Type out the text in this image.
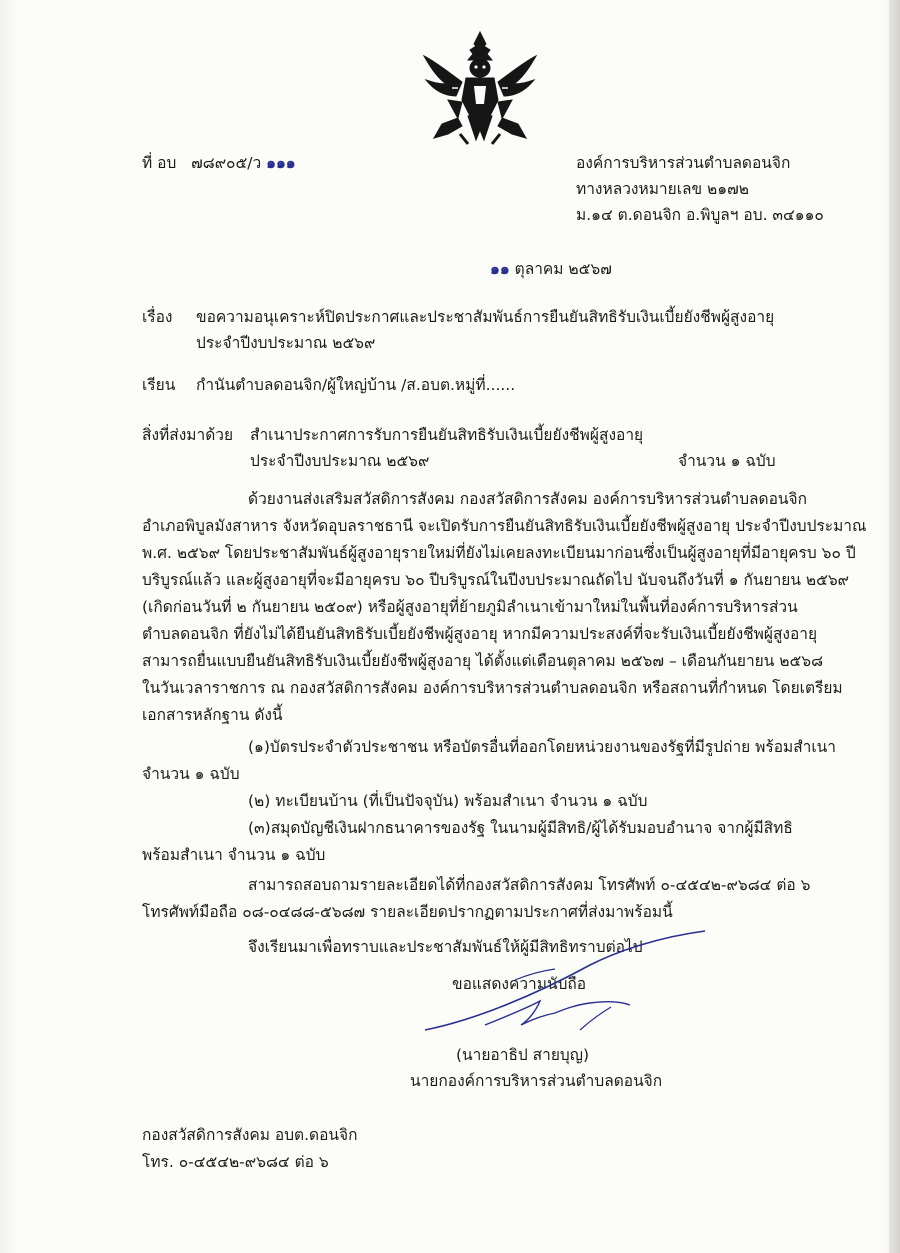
ที่ อบ ๗๘๙๐๕/ว ๑๑๑	องค์การบริหารส่วนตำบลดอนจิก
ทางหลวงหมายเลข ๒๑๗๒
ม.๑๔ ต.ดอนจิก อ.พิบูลฯ อบ. ๓๔๑๑๐
๑๑ ตุลาคม ๒๕๖๗
เรื่อง ขอความอนุเคราะห์ปิดประกาศและประชาสัมพันธ์การยืนยันสิทธิรับเงินเบี้ยยังชีพผู้สูงอายุ
ประจำปีงบประมาณ ๒๕๖๙
เรียน กำนันตำบลดอนจิก/ผู้ใหญ่บ้าน /ส.อบต.หมู่ที่......
สิ่งที่ส่งมาด้วย สำเนาประกาศการรับการยืนยันสิทธิรับเงินเบี้ยยังชีพผู้สูงอายุ
ประจำปีงบประมาณ ๒๕๖๙	จำนวน ๑ ฉบับ
ด้วยงานส่งเสริมสวัสดิการสังคม กองสวัสดิการสังคม องค์การบริหารส่วนตำบลดอนจิก
อำเภอพิบูลมังสาหาร จังหวัดอุบลราชธานี จะเปิดรับการยืนยันสิทธิรับเงินเบี้ยยังชีพผู้สูงอายุ ประจำปีงบประมาณ
พ.ศ. ๒๕๖๙ โดยประชาสัมพันธ์ผู้สูงอายุรายใหม่ที่ยังไม่เคยลงทะเบียนมาก่อนซึ่งเป็นผู้สูงอายุที่มีอายุครบ ๖๐ ปี
บริบูรณ์แล้ว และผู้สูงอายุที่จะมีอายุครบ ๖๐ ปีบริบูรณ์ในปีงบประมาณถัดไป นับจนถึงวันที่ ๑ กันยายน ๒๕๖๙
(เกิดก่อนวันที่ ๒ กันยายน ๒๕๐๙) หรือผู้สูงอายุที่ย้ายภูมิลำเนาเข้ามาใหม่ในพื้นที่องค์การบริหารส่วน
ตำบลดอนจิก ที่ยังไม่ได้ยืนยันสิทธิรับเบี้ยยังชีพผู้สูงอายุ หากมีความประสงค์ที่จะรับเงินเบี้ยยังชีพผู้สูงอายุ
สามารถยื่นแบบยืนยันสิทธิรับเงินเบี้ยยังชีพผู้สูงอายุ ได้ตั้งแต่เดือนตุลาคม ๒๕๖๗ – เดือนกันยายน ๒๕๖๘
ในวันเวลาราชการ ณ กองสวัสดิการสังคม องค์การบริหารส่วนตำบลดอนจิก หรือสถานที่กำหนด โดยเตรียม
เอกสารหลักฐาน ดังนี้
(๑)บัตรประจำตัวประชาชน หรือบัตรอื่นที่ออกโดยหน่วยงานของรัฐที่มีรูปถ่าย พร้อมสำเนา
จำนวน ๑ ฉบับ
(๒) ทะเบียนบ้าน (ที่เป็นปัจจุบัน) พร้อมสำเนา จำนวน ๑ ฉบับ
(๓)สมุดบัญชีเงินฝากธนาคารของรัฐ ในนามผู้มีสิทธิ/ผู้ได้รับมอบอำนาจ จากผู้มีสิทธิ
พร้อมสำเนา จำนวน ๑ ฉบับ
สามารถสอบถามรายละเอียดได้ที่กองสวัสดิการสังคม โทรศัพท์ ๐-๔๕๔๒-๙๖๘๔ ต่อ ๖
โทรศัพท์มือถือ ๐๘-๐๔๘๘-๕๖๘๗ รายละเอียดปรากฏตามประกาศที่ส่งมาพร้อมนี้
จึงเรียนมาเพื่อทราบและประชาสัมพันธ์ให้ผู้มีสิทธิทราบต่อไป
ขอแสดงความนับถือ
(นายอาธิป สายบุญ)
นายกองค์การบริหารส่วนตำบลดอนจิก
กองสวัสดิการสังคม อบต.ดอนจิก
โทร. ๐-๔๕๔๒-๙๖๘๔ ต่อ ๖
